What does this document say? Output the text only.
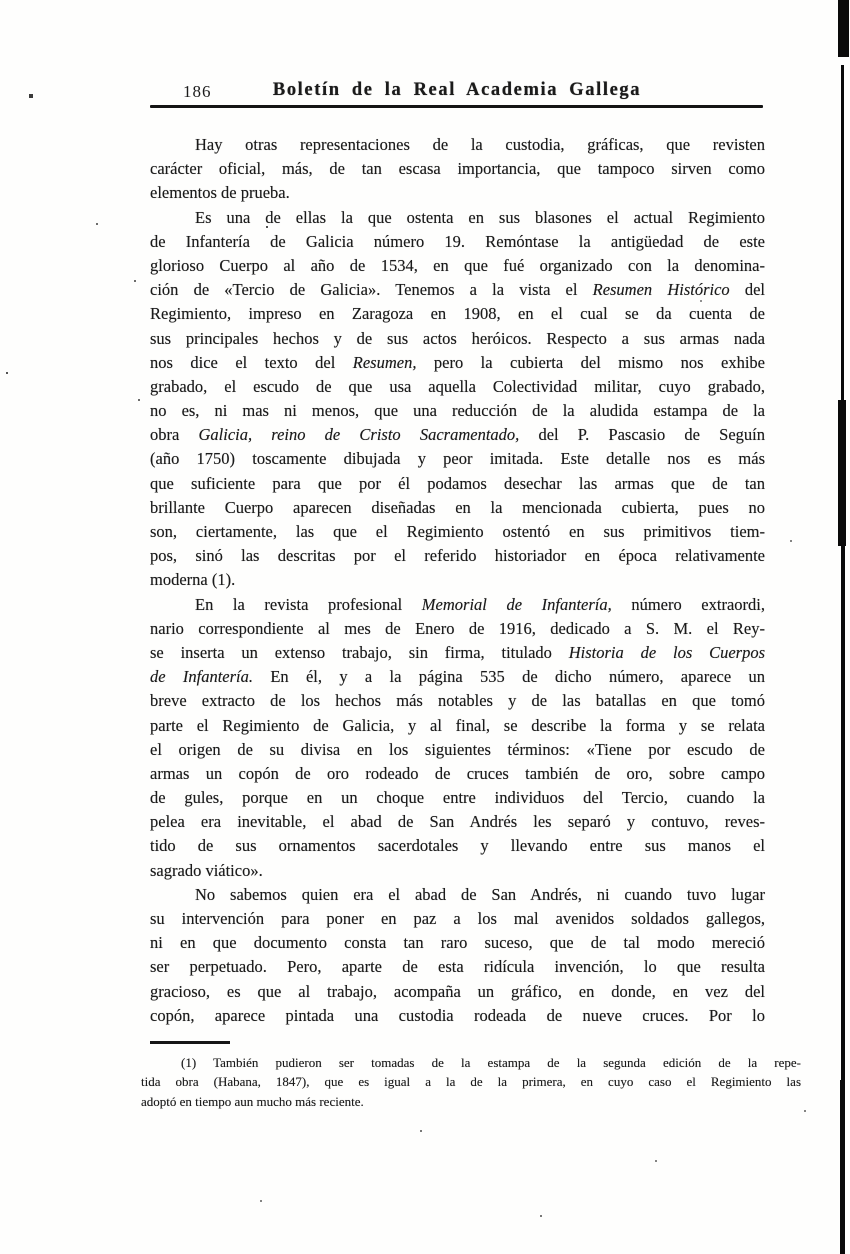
186	Boletín de la Real Academia Gallega
Hay otras representaciones de la custodia, gráficas, que revisten
carácter oficial, más, de tan escasa importancia, que tampoco sirven como
elementos de prueba.
Es una de ellas la que ostenta en sus blasones el actual Regimiento
de Infantería de Galicia número 19. Remóntase la antigüedad de este
glorioso Cuerpo al año de 1534, en que fué organizado con la denomina-
ción de «Tercio de Galicia». Tenemos a la vista el Resumen Histórico del
Regimiento, impreso en Zaragoza en 1908, en el cual se da cuenta de
sus principales hechos y de sus actos heróicos. Respecto a sus armas nada
nos dice el texto del Resumen, pero la cubierta del mismo nos exhibe
grabado, el escudo de que usa aquella Colectividad militar, cuyo grabado,
no es, ni mas ni menos, que una reducción de la aludida estampa de la
obra Galicia, reino de Cristo Sacramentado, del P. Pascasio de Seguín
(año 1750) toscamente dibujada y peor imitada. Este detalle nos es más
que suficiente para que por él podamos desechar las armas que de tan
brillante Cuerpo aparecen diseñadas en la mencionada cubierta, pues no
son, ciertamente, las que el Regimiento ostentó en sus primitivos tiem-
pos, sinó las descritas por el referido historiador en época relativamente
moderna (1).
En la revista profesional Memorial de Infantería, número extraordi,
nario correspondiente al mes de Enero de 1916, dedicado a S. M. el Rey-
se inserta un extenso trabajo, sin firma, titulado Historia de los Cuerpos
de Infantería. En él, y a la página 535 de dicho número, aparece un
breve extracto de los hechos más notables y de las batallas en que tomó
parte el Regimiento de Galicia, y al final, se describe la forma y se relata
el origen de su divisa en los siguientes términos: «Tiene por escudo de
armas un copón de oro rodeado de cruces también de oro, sobre campo
de gules, porque en un choque entre individuos del Tercio, cuando la
pelea era inevitable, el abad de San Andrés les separó y contuvo, reves-
tido de sus ornamentos sacerdotales y llevando entre sus manos el
sagrado viático».
No sabemos quien era el abad de San Andrés, ni cuando tuvo lugar
su intervención para poner en paz a los mal avenidos soldados gallegos,
ni en que documento consta tan raro suceso, que de tal modo mereció
ser perpetuado. Pero, aparte de esta ridícula invención, lo que resulta
gracioso, es que al trabajo, acompaña un gráfico, en donde, en vez del
copón, aparece pintada una custodia rodeada de nueve cruces. Por lo
(1) También pudieron ser tomadas de la estampa de la segunda edición de la repe-
tida obra (Habana, 1847), que es igual a la de la primera, en cuyo caso el Regimiento las
adoptó en tiempo aun mucho más reciente.
